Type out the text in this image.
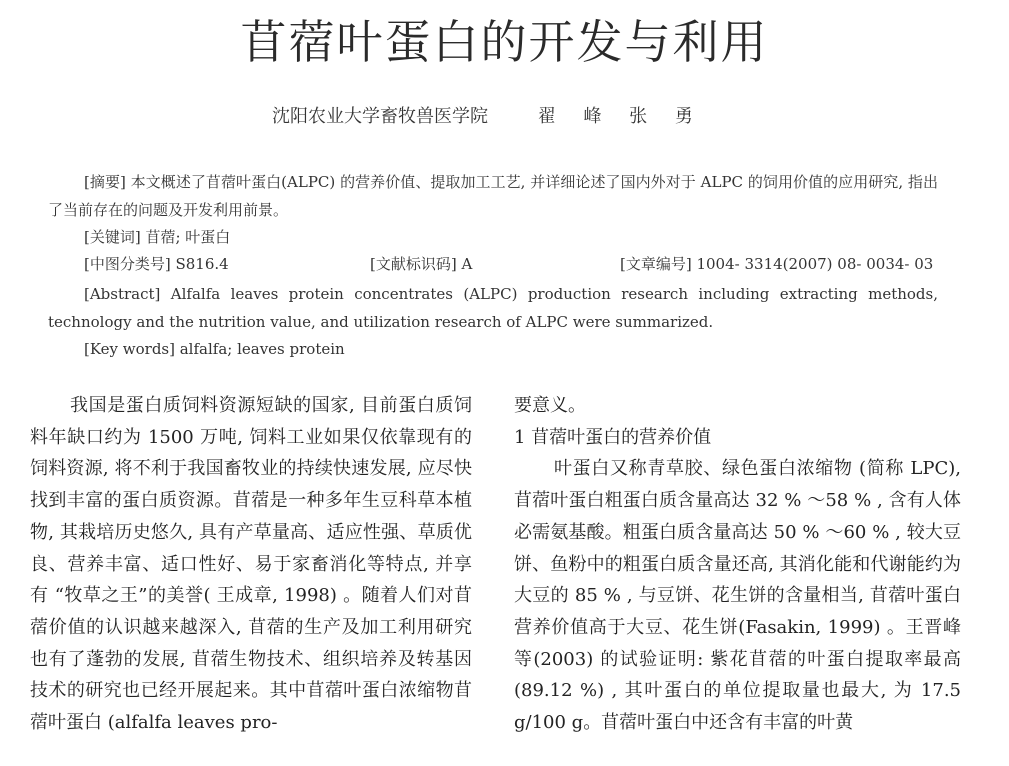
苜蓿叶蛋白的开发与利用
沈阳农业大学畜牧兽医学院	翟 峰 张 勇

[摘要] 本文概述了苜蓿叶蛋白(ALPC) 的营养价值、提取加工工艺, 并详细论述了国内外对于 ALPC 的饲用价值的应用研究, 指出了当前存在的问题及开发利用前景。

[关键词] 苜蓿; 叶蛋白

[中图分类号] S816.4	[文献标识码] A	[文章编号] 1004- 3314(2007) 08- 0034- 03

[Abstract] Alfalfa leaves protein concentrates (ALPC) production research including extracting methods, technology and the nutrition value, and utilization research of ALPC were summarized.

[Key words] alfalfa; leaves protein

我国是蛋白质饲料资源短缺的国家, 目前蛋白质饲料年缺口约为 1500 万吨, 饲料工业如果仅依靠现有的饲料资源, 将不利于我国畜牧业的持续快速发展, 应尽快找到丰富的蛋白质资源。苜蓿是一种多年生豆科草本植物, 其栽培历史悠久, 具有产草量高、适应性强、草质优良、营养丰富、适口性好、易于家畜消化等特点, 并享有 “牧草之王”的美誉( 王成章, 1998) 。随着人们对苜蓿价值的认识越来越深入, 苜蓿的生产及加工利用研究也有了蓬勃的发展, 苜蓿生物技术、组织培养及转基因技术的研究也已经开展起来。其中苜蓿叶蛋白浓缩物苜蓿叶蛋白 (alfalfa leaves pro-

要意义。

1 苜蓿叶蛋白的营养价值

叶蛋白又称青草胶、绿色蛋白浓缩物 (简称 LPC), 苜蓿叶蛋白粗蛋白质含量高达 32 % ～58 % , 含有人体必需氨基酸。粗蛋白质含量高达 50 % ～60 % , 较大豆饼、鱼粉中的粗蛋白质含量还高, 其消化能和代谢能约为大豆的 85 % , 与豆饼、花生饼的含量相当, 苜蓿叶蛋白营养价值高于大豆、花生饼(Fasakin, 1999) 。王晋峰等(2003) 的试验证明: 紫花苜蓿的叶蛋白提取率最高(89.12 %) , 其叶蛋白的单位提取量也最大, 为 17.5 g/100 g。苜蓿叶蛋白中还含有丰富的叶黄
